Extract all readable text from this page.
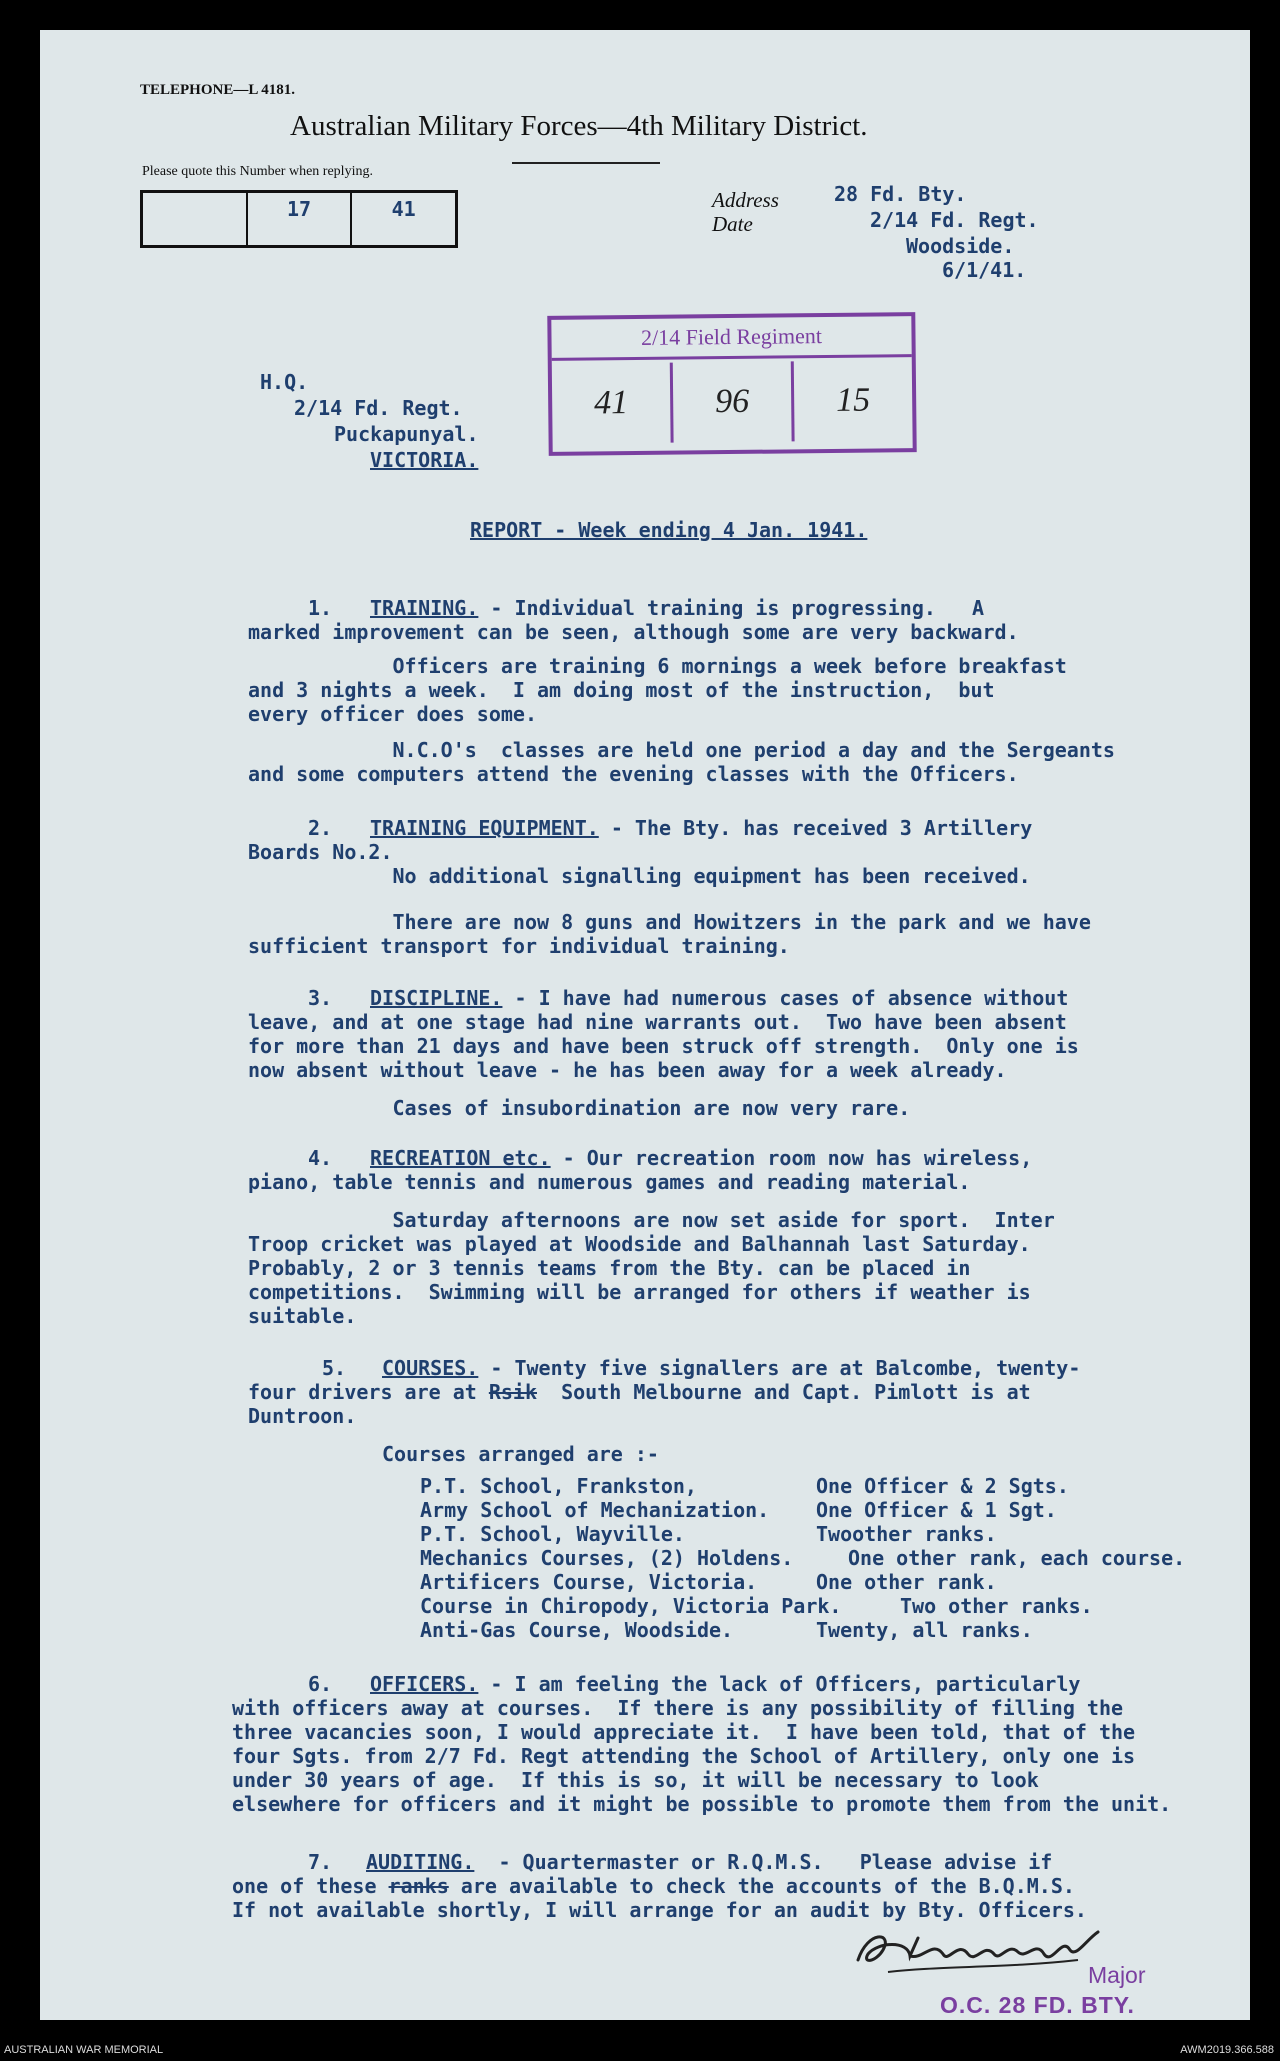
TELEPHONE—L 4181.
Australian Military Forces—4th Military District.
Please quote this Number when replying.
17	41	Address
Date
28 Fd. Bty.
2/14 Fd. Regt.
Woodside.
6/1/41.
H.Q.
2/14 Fd. Regt.
Puckapunyal.
VICTORIA.
2/14 Field Regiment
41	96	15
REPORT - Week ending 4 Jan. 1941.
1. TRAINING. - Individual training is progressing.   A
marked improvement can be seen, although some are very backward.
Officers are training 6 mornings a week before breakfast
and 3 nights a week.  I am doing most of the instruction,  but
every officer does some.
N.C.O's  classes are held one period a day and the Sergeants
and some computers attend the evening classes with the Officers.
2. TRAINING EQUIPMENT. - The Bty. has received 3 Artillery
Boards No.2.
No additional signalling equipment has been received.
There are now 8 guns and Howitzers in the park and we have
sufficient transport for individual training.
3. DISCIPLINE. - I have had numerous cases of absence without
leave, and at one stage had nine warrants out.  Two have been absent
for more than 21 days and have been struck off strength.  Only one is
now absent without leave - he has been away for a week already.
Cases of insubordination are now very rare.
4. RECREATION etc. - Our recreation room now has wireless,
piano, table tennis and numerous games and reading material.
Saturday afternoons are now set aside for sport.  Inter
Troop cricket was played at Woodside and Balhannah last Saturday.
Probably, 2 or 3 tennis teams from the Bty. can be placed in
competitions.  Swimming will be arranged for others if weather is
suitable.
5. COURSES. - Twenty five signallers are at Balcombe, twenty-
four drivers are at Rsik  South Melbourne and Capt. Pimlott is at
Duntroon.
Courses arranged are :-
P.T. School, Frankston,	One Officer & 2 Sgts.
Army School of Mechanization. One Officer & 1 Sgt.
P.T. School, Wayville.	Twoother ranks.
Mechanics Courses, (2) Holdens.	One other rank, each course.
Artificers Course, Victoria.	One other rank.
Course in Chiropody, Victoria Park.	Two other ranks.
Anti-Gas Course, Woodside.	Twenty, all ranks.
6. OFFICERS. - I am feeling the lack of Officers, particularly
with officers away at courses.  If there is any possibility of filling the
three vacancies soon, I would appreciate it.  I have been told, that of the
four Sgts. from 2/7 Fd. Regt attending the School of Artillery, only one is
under 30 years of age.  If this is so, it will be necessary to look
elsewhere for officers and it might be possible to promote them from the unit.
7. AUDITING.  - Quartermaster or R.Q.M.S.   Please advise if
one of these ranks are available to check the accounts of the B.Q.M.S.
If not available shortly, I will arrange for an audit by Bty. Officers.
Major
O.C. 28 FD. BTY.
AUSTRALIAN WAR MEMORIAL	AWM2019.366.588
